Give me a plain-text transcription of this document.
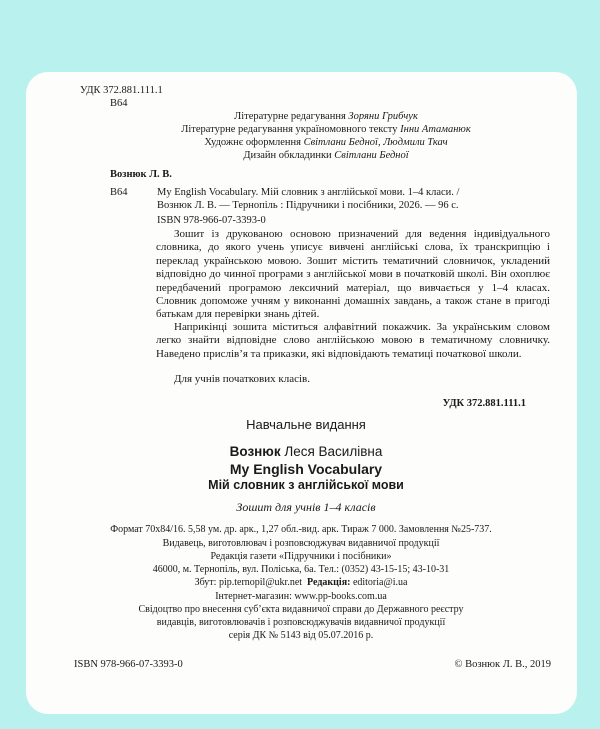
УДК 372.881.111.1
В64
Літературне редагування Зоряни Грибчук
Літературне редагування україномовного тексту Інни Атаманюк
Художнє оформлення Світлани Бедної, Людмили Ткач
Дизайн обкладинки Світлани Бедної
Вознюк Л. В.
В64	My English Vocabulary. Мій словник з англійської мови. 1–4 класи. /
Вознюк Л. В. — Тернопіль : Підручники і посібники, 2026. — 96 с.
ISBN 978-966-07-3393-0
Зошит із друкованою основою призначений для ведення індивідуального словника, до якого учень уписує вивчені англійські слова, їх транскрипцію і переклад українською мовою. Зошит містить тематичний словничок, укладений відповідно до чинної програми з англійської мови в початковій школі. Він охоплює передбачений програмою лексичний матеріал, що вивчається у 1–4 класах. Словник допоможе учням у виконанні домашніх завдань, а також стане в пригоді батькам для перевірки знань дітей.
Наприкінці зошита міститься алфавітний покажчик. За українським словом легко знайти відповідне слово англійською мовою в тематичному словничку. Наведено прислів’я та приказки, які відповідають тематиці початкової школи.
Для учнів початкових класів.
УДК 372.881.111.1
Навчальне видання
Вознюк Леся Василівна
My English Vocabulary
Мій словник з англійської мови
Зошит для учнів 1–4 класів
Формат 70х84/16. 5,58 ум. др. арк., 1,27 обл.-вид. арк. Тираж 7 000. Замовлення №25-737.
Видавець, виготовлювач і розповсюджувач видавничої продукції
Редакція газети «Підручники і посібники»
46000, м. Тернопіль, вул. Поліська, 6а. Тел.: (0352) 43-15-15; 43-10-31
Збут: pip.ternopil@ukr.net Редакція: editoria@i.ua
Інтернет-магазин: www.pp-books.com.ua
Свідоцтво про внесення суб’єкта видавничої справи до Державного реєстру
видавців, виготовлювачів і розповсюджувачів видавничої продукції
серія ДК № 5143 від 05.07.2016 р.
ISBN 978-966-07-3393-0	© Вознюк Л. В., 2019
